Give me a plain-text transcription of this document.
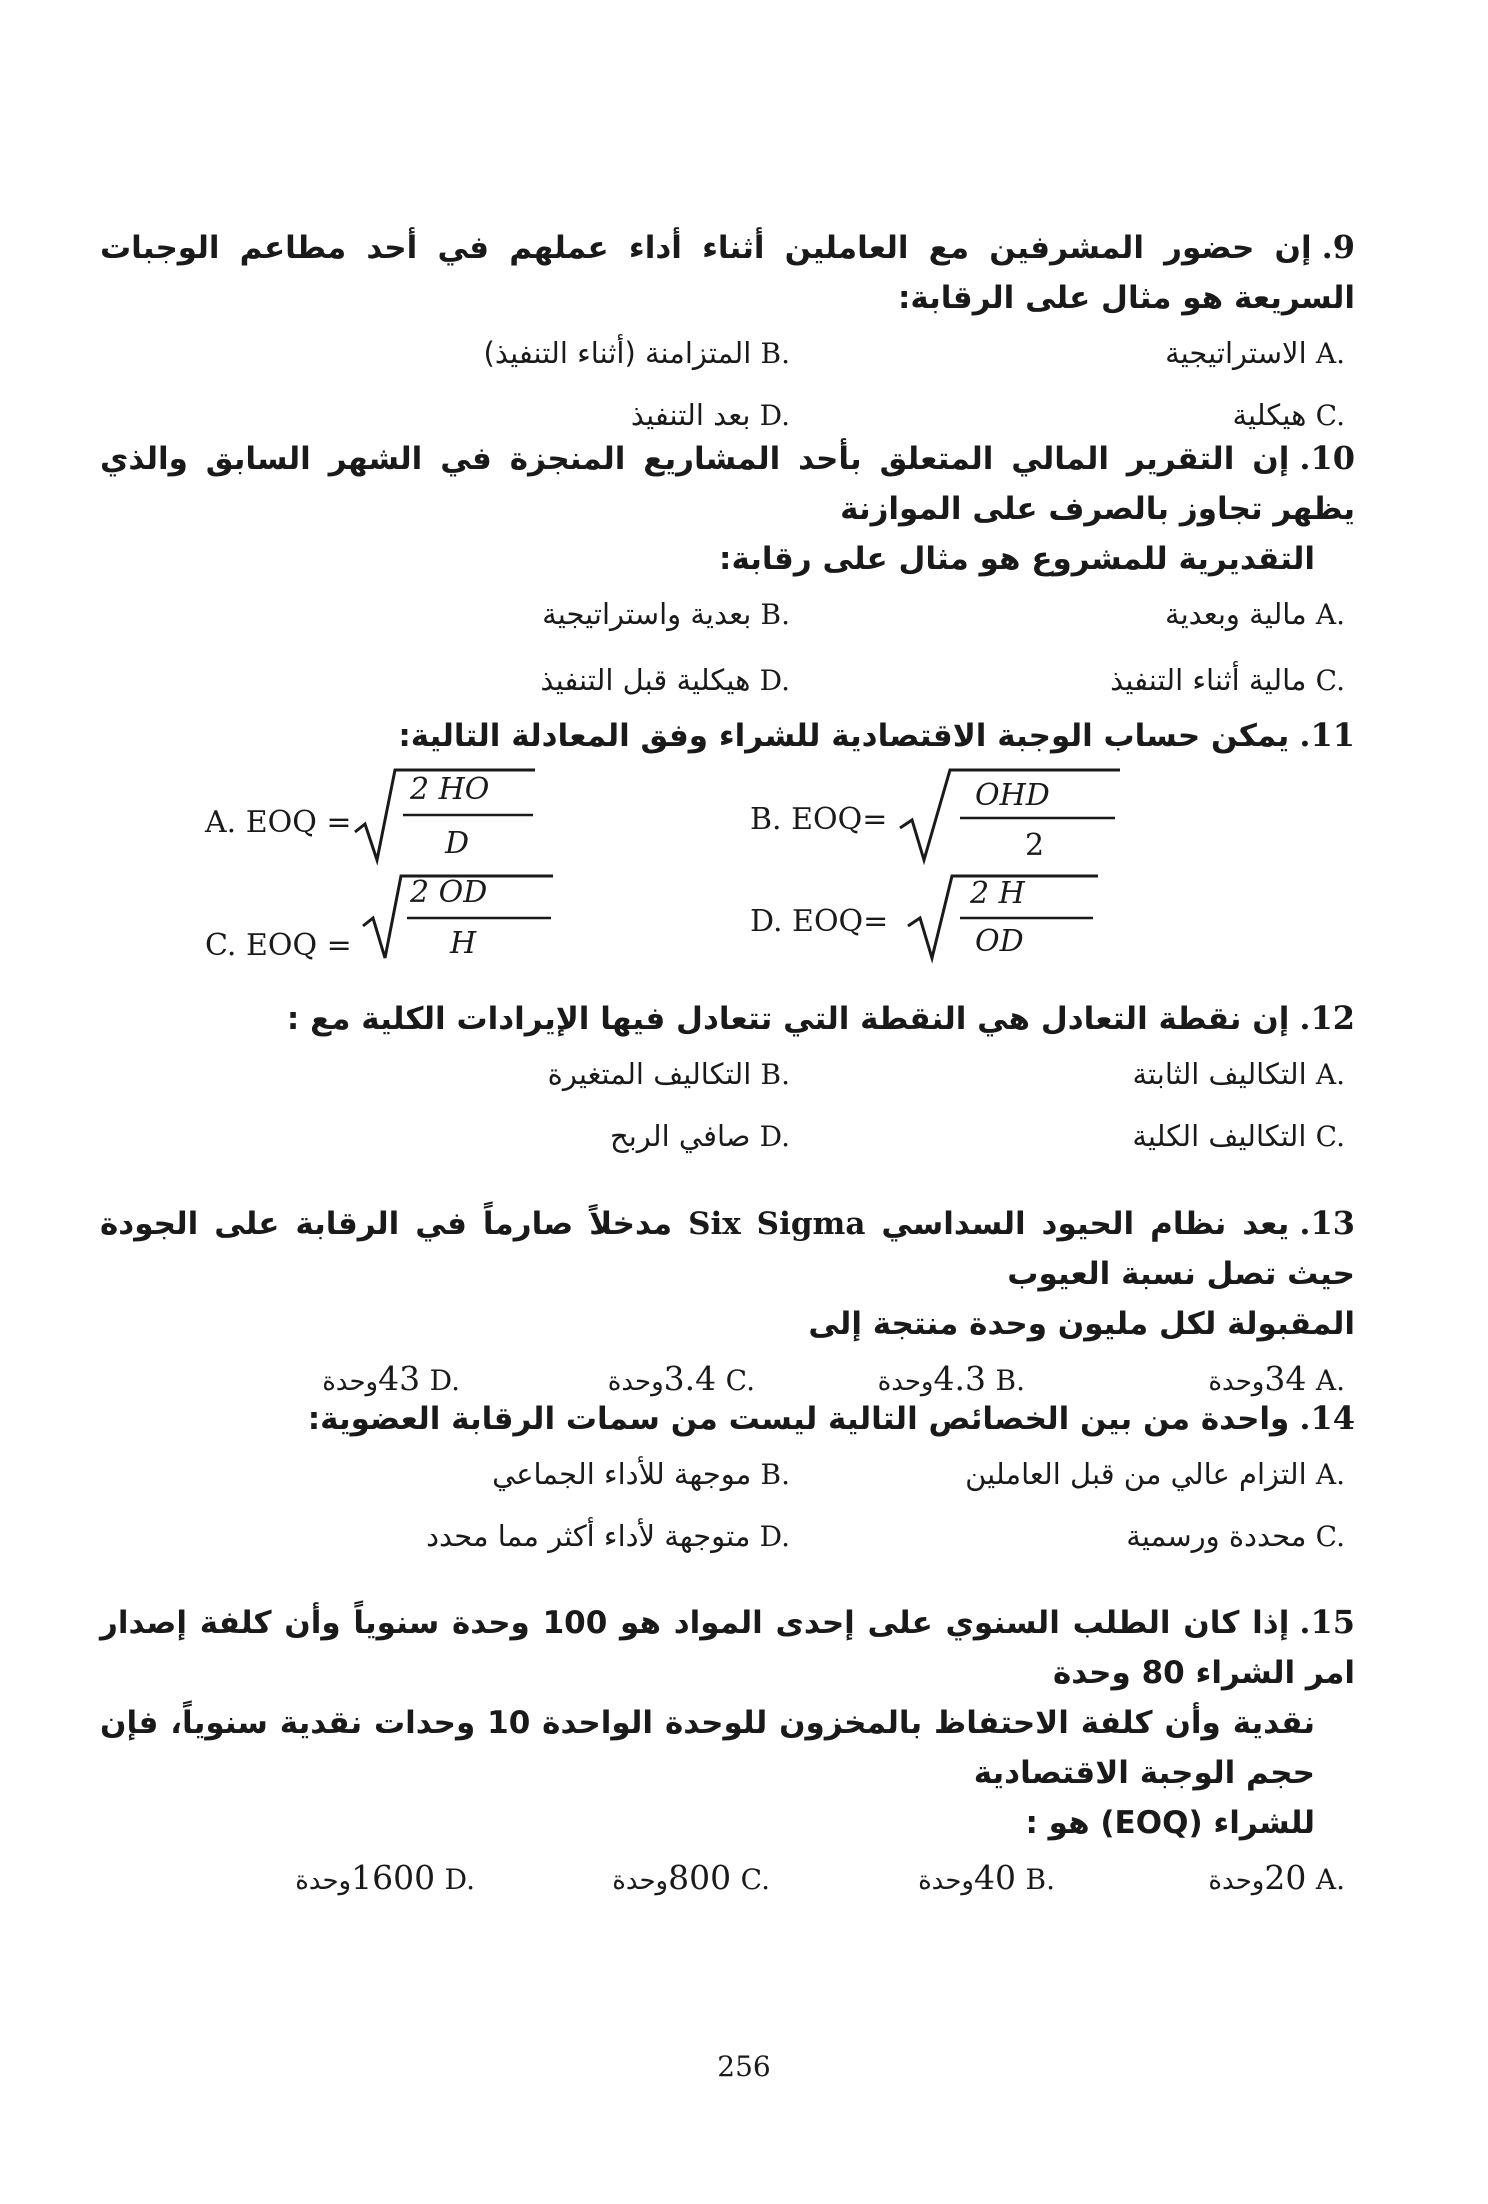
9.إن حضور المشرفين مع العاملين أثناء أداء عملهم في أحد مطاعم الوجبات السريعة هو مثال على الرقابة:
A. الاستراتيجية
B. المتزامنة (أثناء التنفيذ)
C. هيكلية
D. بعد التنفيذ
10.إن التقرير المالي المتعلق بأحد المشاريع المنجزة في الشهر السابق والذي يظهر تجاوز بالصرف على الموازنة
التقديرية للمشروع هو مثال على رقابة:
A. مالية وبعدية
B. بعدية واستراتيجية
C. مالية أثناء التنفيذ
D. هيكلية قبل التنفيذ
11.يمكن حساب الوجبة الاقتصادية للشراء وفق المعادلة التالية:
A. EOQ =
2 HO
D
B. EOQ=
OHD
2
C. EOQ =
2 OD
H
D. EOQ=
2 H
OD
12.إن نقطة التعادل هي النقطة التي تتعادل فيها الإيرادات الكلية مع :
A. التكاليف الثابتة
B. التكاليف المتغيرة
C. التكاليف الكلية
D. صافي الربح
13.يعد نظام الحيود السداسي Six Sigma مدخلاً صارماً في الرقابة على الجودة حيث تصل نسبة العيوب
المقبولة لكل مليون وحدة منتجة إلى
A. 34وحدة
B. 4.3وحدة
C. 3.4وحدة
D. 43وحدة
14.واحدة من بين الخصائص التالية ليست من سمات الرقابة العضوية:
A. التزام عالي من قبل العاملين
B. موجهة للأداء الجماعي
C. محددة ورسمية
D. متوجهة لأداء أكثر مما محدد
15.إذا كان الطلب السنوي على إحدى المواد هو 100 وحدة سنوياً وأن كلفة إصدار امر الشراء 80 وحدة
نقدية وأن كلفة الاحتفاظ بالمخزون للوحدة الواحدة 10 وحدات نقدية سنوياً، فإن حجم الوجبة الاقتصادية
للشراء (EOQ) هو :
A. 20وحدة
B. 40وحدة
C. 800وحدة
D. 1600وحدة
256
